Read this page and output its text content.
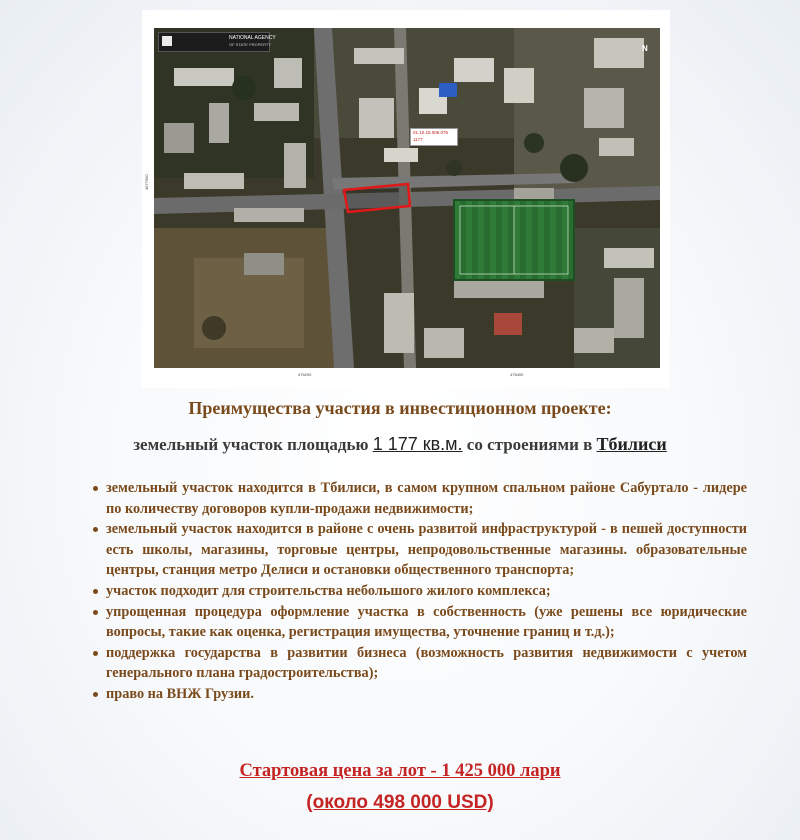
4677600
NATIONAL AGENCY
OF STATE PROPERTY	N
01.10.15.006.076
1177
475200	475400
Преимущества участия в инвестиционном проекте:
земельный участок площадью 1 177 кв.м. со строениями в Тбилиси
земельный участок находится в Тбилиси, в самом крупном спальном районе Сабуртало - лидере по количеству договоров купли-продажи недвижимости;
земельный участок находится в районе с очень развитой инфраструктурой - в пешей доступности есть школы, магазины, торговые центры, непродовольственные магазины. образовательные центры, станция метро Делиси и остановки общественного транспорта;
участок подходит для строительства небольшого жилого комплекса;
упрощенная процедура оформление участка в собственность (уже решены все юридические вопросы, такие как оценка, регистрация имущества, уточнение границ и т.д.);
поддержка государства в развитии бизнеса (возможность развития недвижимости с учетом генерального плана градостроительства);
право на ВНЖ Грузии.
Стартовая цена за лот - 1 425 000 лари
(около 498 000 USD)
